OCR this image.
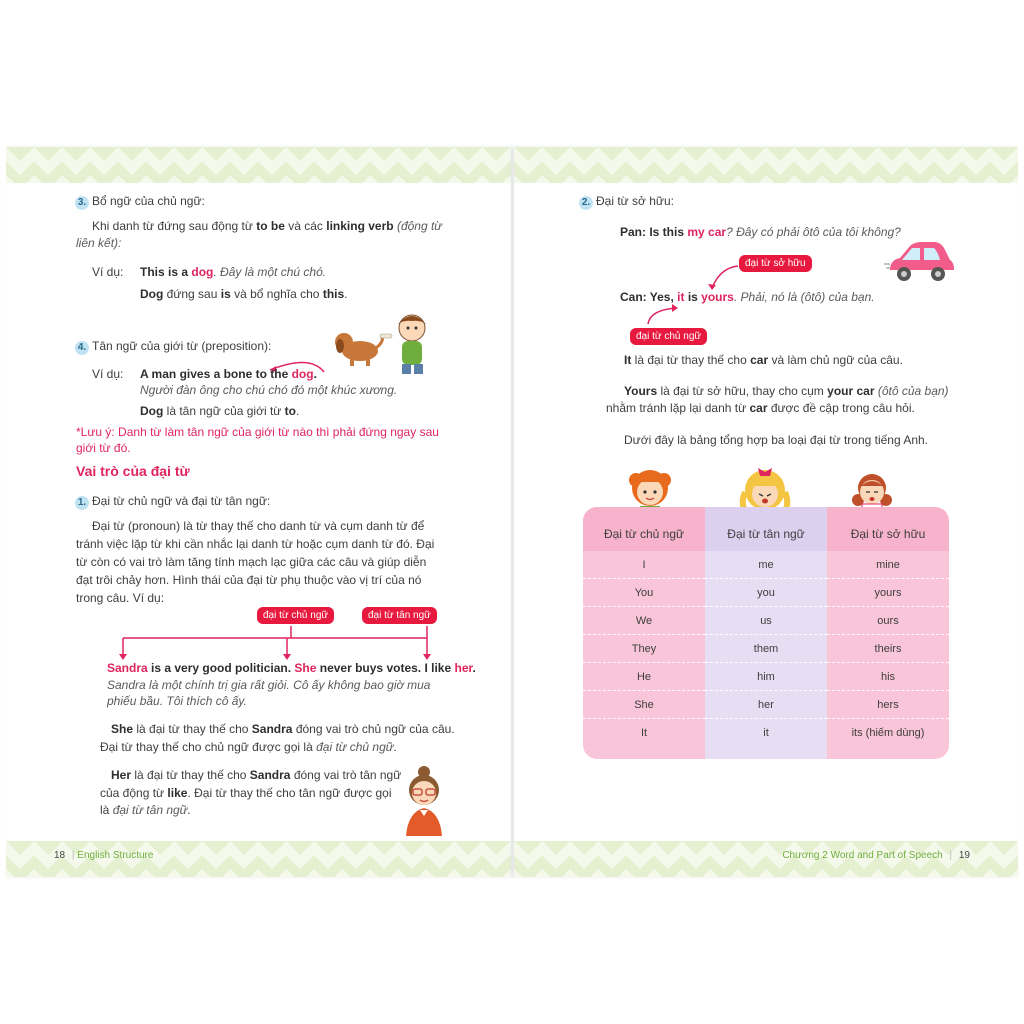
18 | English Structure	Chương 2 Word and Part of Speech | 19
3. Bổ ngữ của chủ ngữ:
Khi danh từ đứng sau động từ to be và các linking verb (động từ
liên kết):
Ví dụ: This is a dog. Đây là một chú chó.
Dog đứng sau is và bổ nghĩa cho this.
4. Tân ngữ của giới từ (preposition):
Ví dụ: A man gives a bone to the dog.
Người đàn ông cho chú chó đó một khúc xương.
Dog là tân ngữ của giới từ to.
*Lưu ý: Danh từ làm tân ngữ của giới từ nào thì phải đứng ngay sau
giới từ đó.
Vai trò của đại từ
1. Đại từ chủ ngữ và đại từ tân ngữ:
Đại từ (pronoun) là từ thay thế cho danh từ và cụm danh từ để
tránh việc lặp từ khi cần nhắc lại danh từ hoặc cụm danh từ đó. Đại
từ còn có vai trò làm tăng tính mạch lạc giữa các câu và giúp diễn
đạt trôi chảy hơn. Hình thái của đại từ phụ thuộc vào vị trí của nó
trong câu. Ví dụ:
đại từ chủ ngữ	đại từ tân ngữ
Sandra is a very good politician. She never buys votes. I like her.
Sandra là một chính trị gia rất giỏi. Cô ấy không bao giờ mua
phiếu bầu. Tôi thích cô ấy.
She là đại từ thay thế cho Sandra đóng vai trò chủ ngữ của câu.
Đại từ thay thế cho chủ ngữ được gọi là đại từ chủ ngữ.
Her là đại từ thay thế cho Sandra đóng vai trò tân ngữ
của động từ like. Đại từ thay thế cho tân ngữ được gọi
là đại từ tân ngữ.
2. Đại từ sở hữu:
Pan: Is this my car? Đây có phải ôtô của tôi không?
đại từ sở hữu
Can: Yes, it is yours. Phải, nó là (ôtô) của bạn.
đại từ chủ ngữ
It là đại từ thay thế cho car và làm chủ ngữ của câu.
Yours là đại từ sở hữu, thay cho cụm your car (ôtô của bạn)
nhằm tránh lặp lại danh từ car được đề cập trong câu hỏi.
Dưới đây là bảng tổng hợp ba loại đại từ trong tiếng Anh.
Đại từ chủ ngữ
I
You
We
They
He
She
It
Đại từ tân ngữ
me
you
us
them
him
her
it
Đại từ sở hữu
mine
yours
ours
theirs
his
hers
its (hiếm dùng)
